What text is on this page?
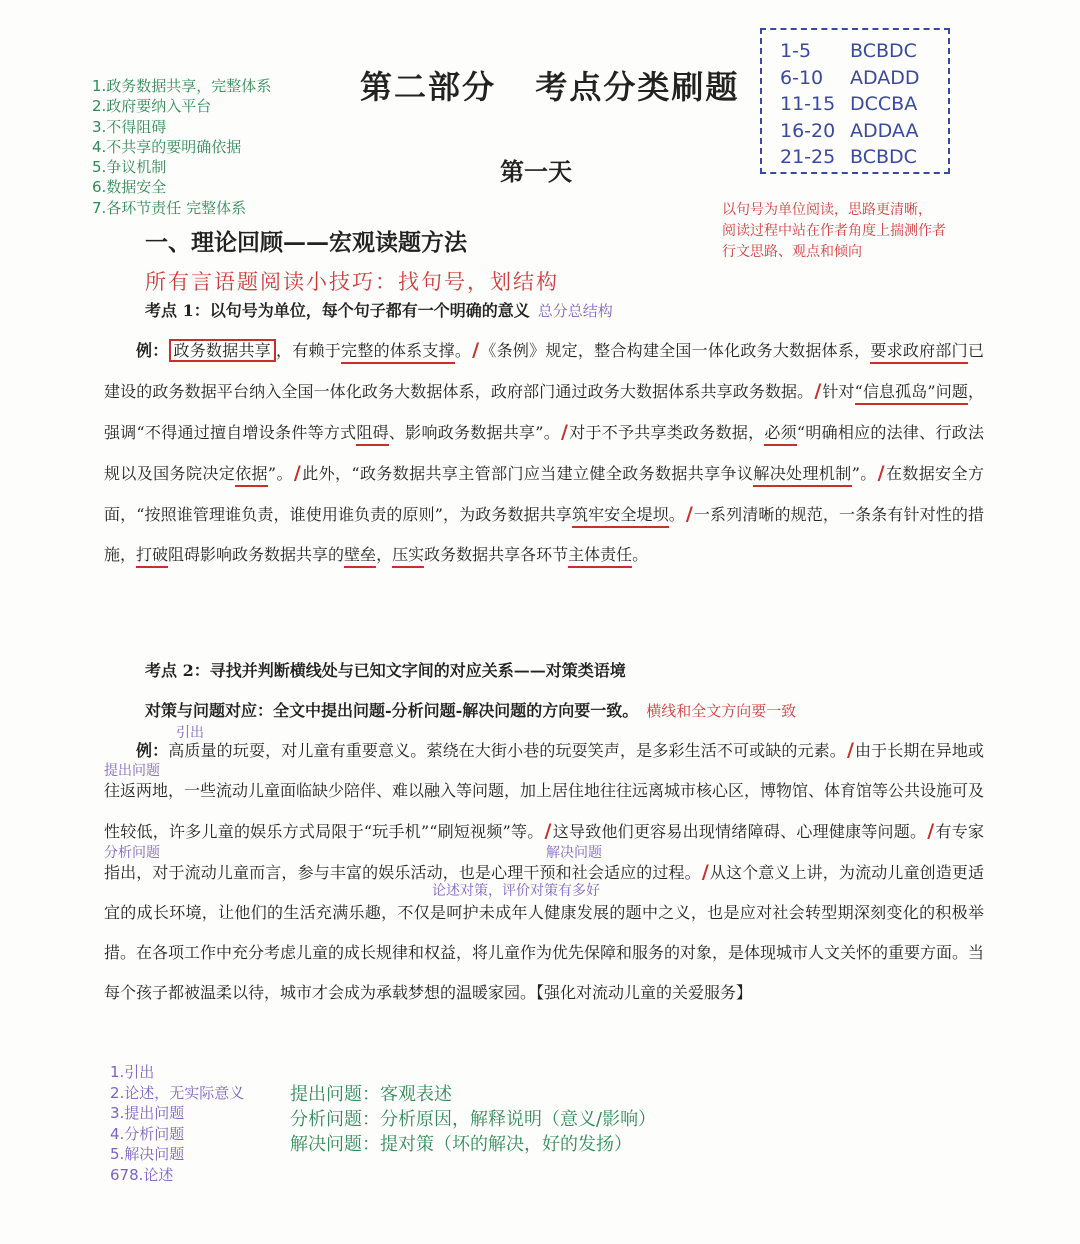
第二部分   考点分类刷题
第一天
1.政务数据共享，完整体系
2.政府要纳入平台
3.不得阻碍
4.不共享的要明确依据
5.争议机制
6.数据安全
7.各环节责任 完整体系
1-5 BCBDC
6-10 ADADD
11-15 DCCBA
16-20 ADDAA
21-25 BCBDC
以句号为单位阅读，思路更清晰，
阅读过程中站在作者角度上揣测作者
行文思路、观点和倾向
一、理论回顾——宏观读题方法
所有言语题阅读小技巧：找句号，划结构
考点 1：以句号为单位，每个句子都有一个明确的意义 总分总结构
例： 政务数据共享 ，有赖于完整的体系支撑。/《条例》规定，整合构建全国一体化政务大数据体系，要求政府部门已建设的政务数据平台纳入全国一体化政务大数据体系，政府部门通过政务大数据体系共享政务数据。/针对“信息孤岛”问题，强调“不得通过擅自增设条件等方式阻碍、影响政务数据共享”。/对于不予共享类政务数据，必须“明确相应的法律、行政法规以及国务院决定依据”。/此外，“政务数据共享主管部门应当建立健全政务数据共享争议解决处理机制”。/在数据安全方面，“按照谁管理谁负责，谁使用谁负责的原则”，为政务数据共享筑牢安全堤坝。/一系列清晰的规范，一条条有针对性的措施，打破阻碍影响政务数据共享的壁垒，压实政务数据共享各环节主体责任。
考点 2：寻找并判断横线处与已知文字间的对应关系——对策类语境
对策与问题对应：全文中提出问题-分析问题-解决问题的方向要一致。 横线和全文方向要一致
引出
提出问题
分析问题	解决问题
论述对策，评价对策有多好
例：高质量的玩耍，对儿童有重要意义。萦绕在大街小巷的玩耍笑声，是多彩生活不可或缺的元素。/由于长期在异地或往返两地，一些流动儿童面临缺少陪伴、难以融入等问题，加上居住地往往远离城市核心区，博物馆、体育馆等公共设施可及性较低，许多儿童的娱乐方式局限于“玩手机”“刷短视频”等。/这导致他们更容易出现情绪障碍、心理健康等问题。/有专家指出，对于流动儿童而言，参与丰富的娱乐活动，也是心理干预和社会适应的过程。/从这个意义上讲，为流动儿童创造更适宜的成长环境，让他们的生活充满乐趣，不仅是呵护未成年人健康发展的题中之义，也是应对社会转型期深刻变化的积极举措。在各项工作中充分考虑儿童的成长规律和权益，将儿童作为优先保障和服务的对象，是体现城市人文关怀的重要方面。当每个孩子都被温柔以待，城市才会成为承载梦想的温暖家园。【强化对流动儿童的关爱服务】
1.引出
2.论述，无实际意义
3.提出问题
4.分析问题
5.解决问题
678.论述
提出问题：客观表述
分析问题：分析原因，解释说明（意义/影响）
解决问题：提对策（坏的解决，好的发扬）
